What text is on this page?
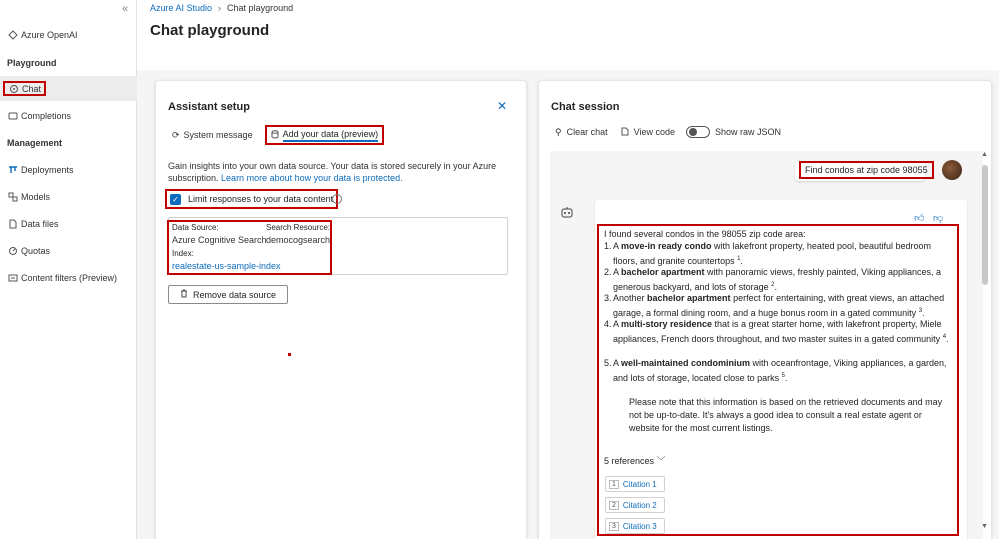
«
Azure OpenAI
Playground
Chat
Completions
Management
Deployments
Models
Data files
Quotas
Content filters (Preview)
Azure AI Studio › Chat playground
Chat playground
Assistant setup	✕
⟳ System message	Add your data (preview)
Gain insights into your own data source. Your data is stored securely in your Azure subscription. Learn more about how your data is protected.
✓ Limit responses to your data content i
Data Source:
Azure Cognitive Search
Search Resource:
democogsearch
Index:
realestate-us-sample-index
Remove data source
Chat session
⚲ Clear chat	View code	Show raw JSON
▲
▼
Find condos at zip code 98055
👍︎ 👎︎
I found several condos in the 98055 zip code area:
1. A move-in ready condo with lakefront property, heated pool, beautiful bedroom floors, and granite countertops $^1$.
2. A bachelor apartment with panoramic views, freshly painted, Viking appliances, a generous backyard, and lots of storage $^2$.
3. Another bachelor apartment perfect for entertaining, with great views, an attached garage, a formal dining room, and a huge bonus room in a gated community $^3$.
4. A multi-story residence that is a great starter home, with lakefront property, Miele appliances, French doors throughout, and two master suites in a gated community $^4$.
5. A well-maintained condominium with oceanfrontage, Viking appliances, a garden, and lots of storage, located close to parks $^5$.
Please note that this information is based on the retrieved documents and may not be up-to-date. It's always a good idea to consult a real estate agent or website for the most current listings.
5 references ﹀
1 Citation 1
2 Citation 2
3 Citation 3
